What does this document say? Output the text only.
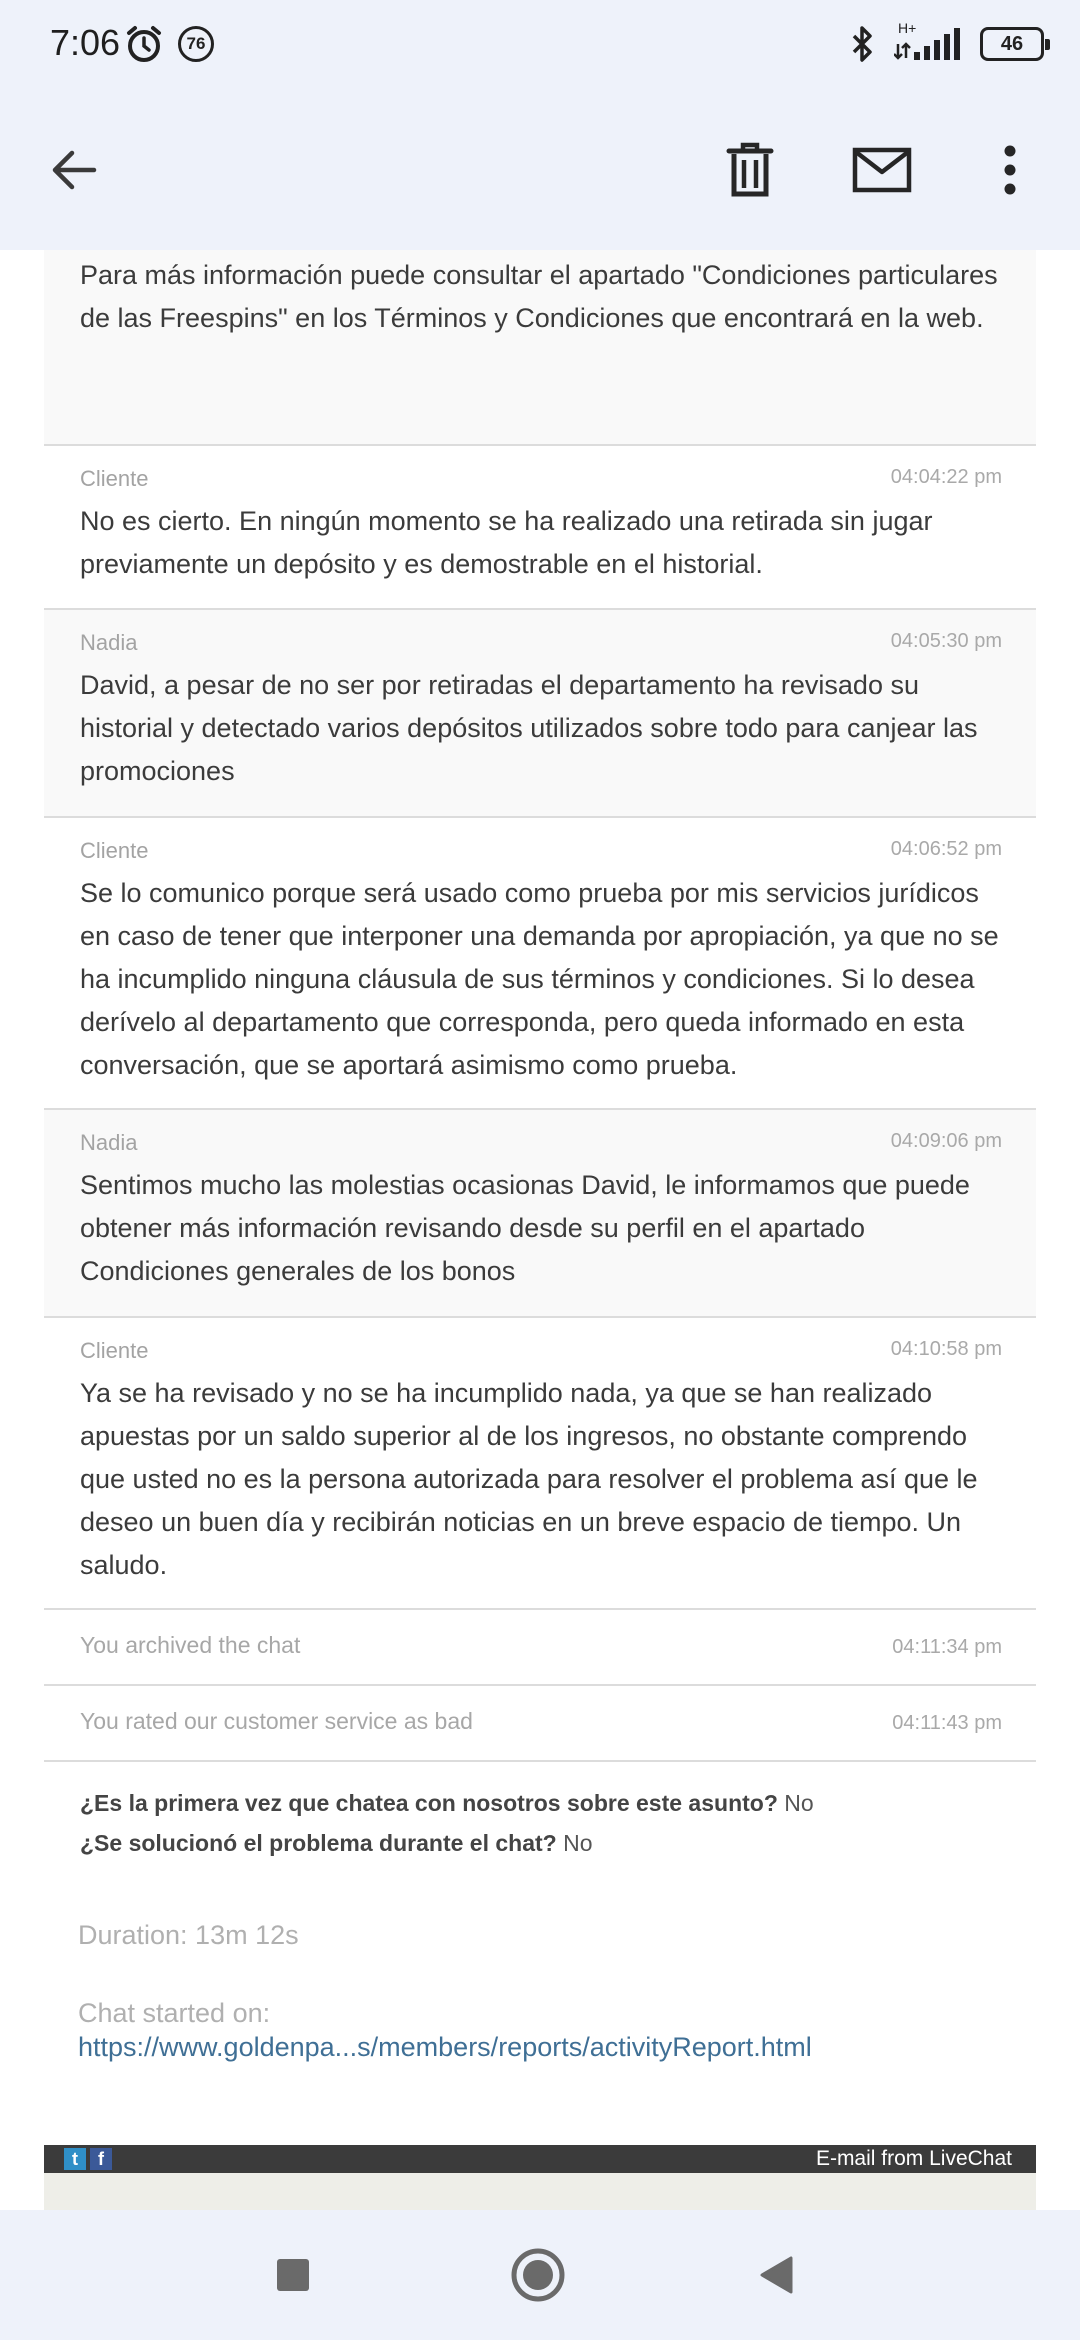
7:06	76
H+
46
Para más información puede consultar el apartado "Condiciones particulares de las Freespins" en los Términos y Condiciones que encontrará en la web.
Cliente	04:04:22 pm
No es cierto. En ningún momento se ha realizado una retirada sin jugar previamente un depósito y es demostrable en el historial.
Nadia	04:05:30 pm
David, a pesar de no ser por retiradas el departamento ha revisado su historial y detectado varios depósitos utilizados sobre todo para canjear las promociones
Cliente	04:06:52 pm
Se lo comunico porque será usado como prueba por mis servicios jurídicos en caso de tener que interponer una demanda por apropiación, ya que no se ha incumplido ninguna cláusula de sus términos y condiciones. Si lo desea derívelo al departamento que corresponda, pero queda informado en esta conversación, que se aportará asimismo como prueba.
Nadia	04:09:06 pm
Sentimos mucho las molestias ocasionas David, le informamos que puede obtener más información revisando desde su perfil en el apartado Condiciones generales de los bonos
Cliente	04:10:58 pm
Ya se ha revisado y no se ha incumplido nada, ya que se han realizado apuestas por un saldo superior al de los ingresos, no obstante comprendo que usted no es la persona autorizada para resolver el problema así que le deseo un buen día y recibirán noticias en un breve espacio de tiempo. Un saludo.
You archived the chat	04:11:34 pm
You rated our customer service as bad	04:11:43 pm
¿Es la primera vez que chatea con nosotros sobre este asunto? No
¿Se solucionó el problema durante el chat? No
Duration: 13m 12s
Chat started on:
https://www.goldenpa...s/members/reports/activityReport.html
t	f	E-mail from LiveChat
